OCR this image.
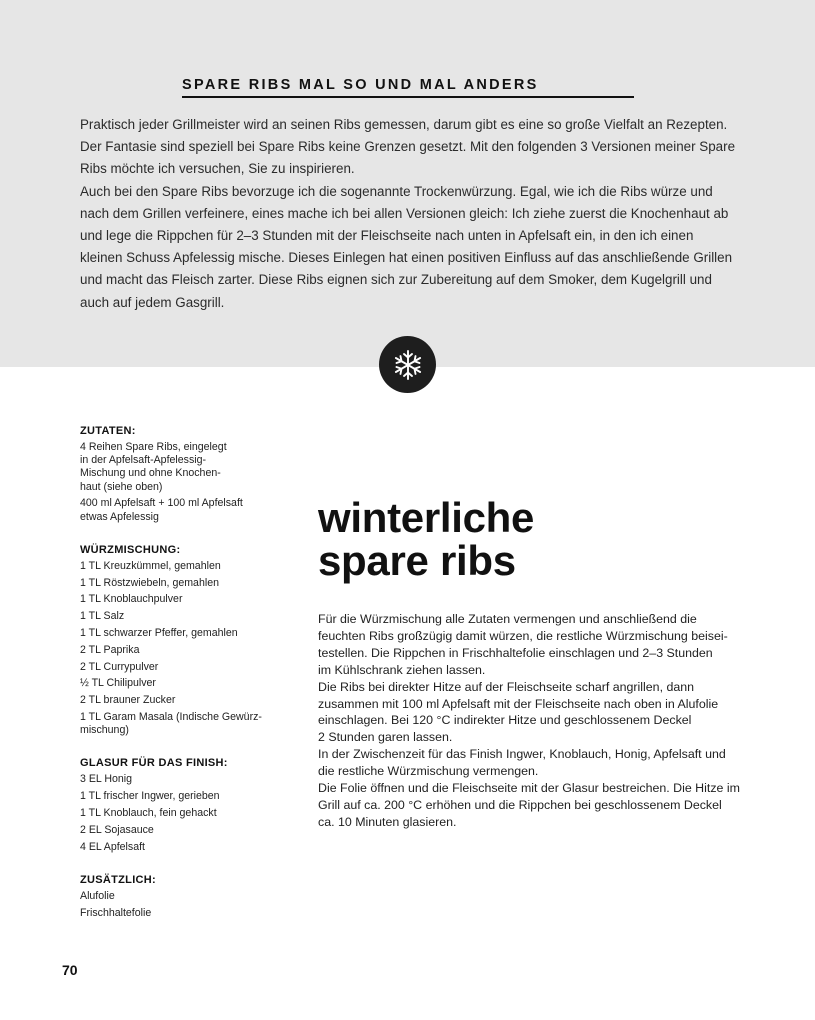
SPARE RIBS MAL SO UND MAL ANDERS

Praktisch jeder Grillmeister wird an seinen Ribs gemessen, darum gibt es eine so große Vielfalt an Rezepten. Der Fantasie sind speziell bei Spare Ribs keine Grenzen gesetzt. Mit den folgenden 3 Versionen meiner Spare Ribs möchte ich versuchen, Sie zu inspirieren.

Auch bei den Spare Ribs bevorzuge ich die sogenannte Trockenwürzung. Egal, wie ich die Ribs würze und nach dem Grillen verfeinere, eines mache ich bei allen Versionen gleich: Ich ziehe zuerst die Knochenhaut ab und lege die Rippchen für 2–3 Stunden mit der Fleischseite nach unten in Apfelsaft ein, in den ich einen kleinen Schuss Apfelessig mische. Dieses Einlegen hat einen positiven Einfluss auf das anschließende Grillen und macht das Fleisch zarter. Diese Ribs eignen sich zur Zubereitung auf dem Smoker, dem Kugelgrill und auch auf jedem Gasgrill.

ZUTATEN:
4 Reihen Spare Ribs, eingelegt
in der Apfelsaft-Apfelessig-
Mischung und ohne Knochen-
haut (siehe oben)
400 ml Apfelsaft + 100 ml Apfelsaft
etwas Apfelessig
WÜRZMISCHUNG:
1 TL Kreuzkümmel, gemahlen
1 TL Röstzwiebeln, gemahlen
1 TL Knoblauchpulver
1 TL Salz
1 TL schwarzer Pfeffer, gemahlen
2 TL Paprika
2 TL Currypulver
½ TL Chilipulver
2 TL brauner Zucker
1 TL Garam Masala (Indische Gewürz-
mischung)
GLASUR FÜR DAS FINISH:
3 EL Honig
1 TL frischer Ingwer, gerieben
1 TL Knoblauch, fein gehackt
2 EL Sojasauce
4 EL Apfelsaft
ZUSÄTZLICH:
Alufolie
Frischhaltefolie
winterliche
spare ribs

Für die Würzmischung alle Zutaten vermengen und anschließend die
feuchten Ribs großzügig damit würzen, die restliche Würzmischung beisei-
testellen. Die Rippchen in Frischhaltefolie einschlagen und 2–3 Stunden
im Kühlschrank ziehen lassen.

Die Ribs bei direkter Hitze auf der Fleischseite scharf angrillen, dann
zusammen mit 100 ml Apfelsaft mit der Fleischseite nach oben in Alufolie
einschlagen. Bei 120 °C indirekter Hitze und geschlossenem Deckel
2 Stunden garen lassen.

In der Zwischenzeit für das Finish Ingwer, Knoblauch, Honig, Apfelsaft und
die restliche Würzmischung vermengen.

Die Folie öffnen und die Fleischseite mit der Glasur bestreichen. Die Hitze im
Grill auf ca. 200 °C erhöhen und die Rippchen bei geschlossenem Deckel
ca. 10 Minuten glasieren.

70
